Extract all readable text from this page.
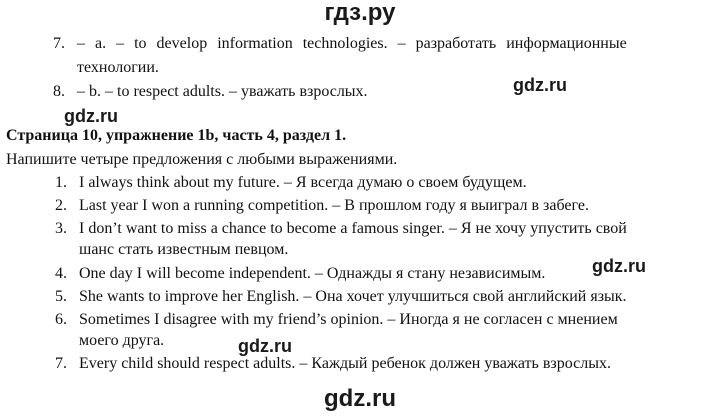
гдз.ру
gdz.ru
gdz.ru
gdz.ru
gdz.ru
gdz.ru
7. – a. – to develop information technologies. – разработать информационные
технологии.
8. – b. – to respect adults. – уважать взрослых.
Страница 10, упражнение 1b, часть 4, раздел 1.
Напишите четыре предложения с любыми выражениями.
1. I always think about my future. – Я всегда думаю о своем будущем.
2. Last year I won a running competition. – В прошлом году я выиграл в забеге.
3. I don’t want to miss a chance to become a famous singer. – Я не хочу упустить свой
шанс стать известным певцом.
4. One day I will become independent. – Однажды я стану независимым.
5. She wants to improve her English. – Она хочет улучшиться свой английский язык.
6. Sometimes I disagree with my friend’s opinion. – Иногда я не согласен с мнением
моего друга.
7. Every child should respect adults. – Каждый ребенок должен уважать взрослых.
